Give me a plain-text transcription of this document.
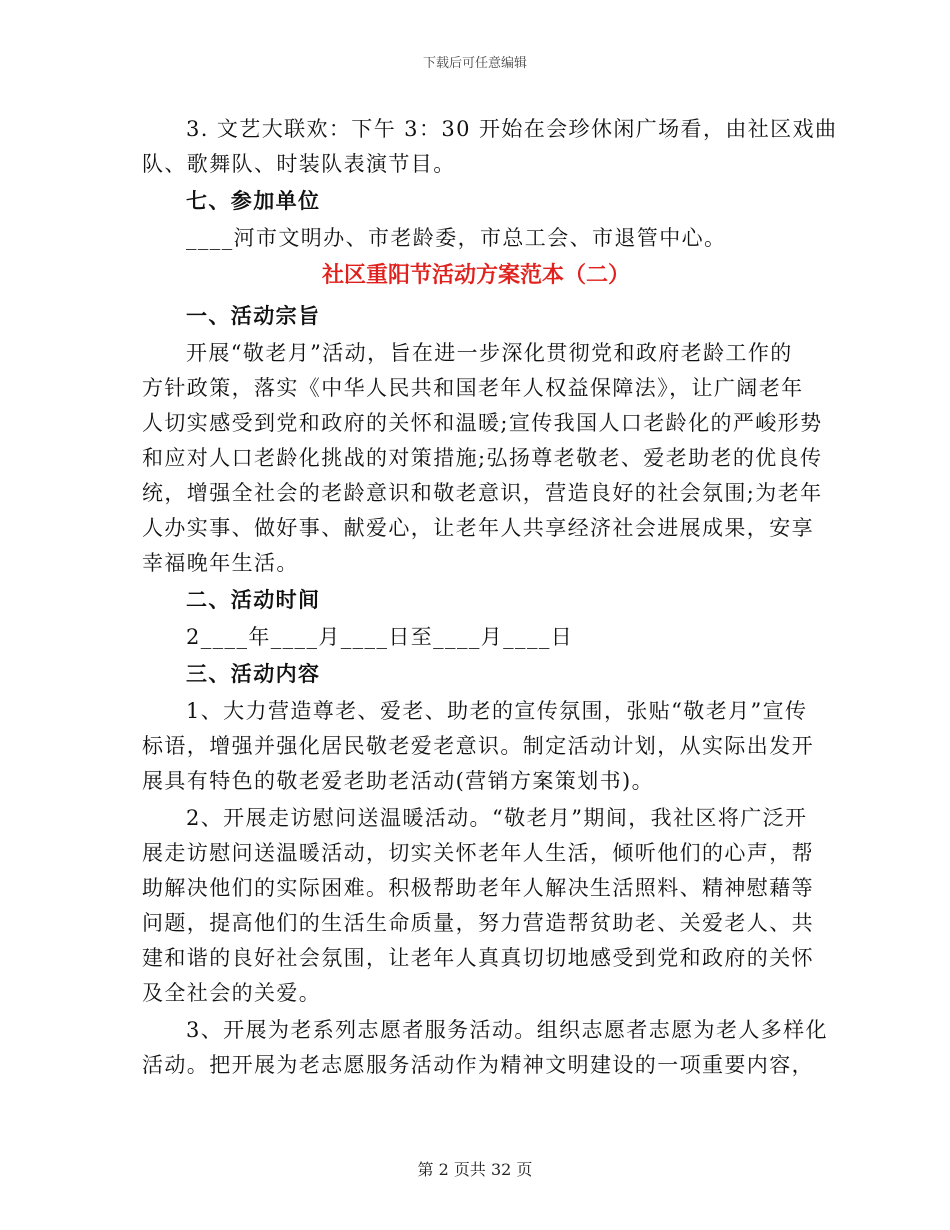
下载后可任意编辑
3. 文艺大联欢：下午 3：30 开始在会珍休闲广场看，由社区戏曲
队、歌舞队、时装队表演节目。
七、参加单位
____河市文明办、市老龄委，市总工会、市退管中心。
社区重阳节活动方案范本（二）
一、活动宗旨
开展“敬老月”活动，旨在进一步深化贯彻党和政府老龄工作的
方针政策，落实《中华人民共和国老年人权益保障法》，让广阔老年
人切实感受到党和政府的关怀和温暖;宣传我国人口老龄化的严峻形势
和应对人口老龄化挑战的对策措施;弘扬尊老敬老、爱老助老的优良传
统，增强全社会的老龄意识和敬老意识，营造良好的社会氛围;为老年
人办实事、做好事、献爱心，让老年人共享经济社会进展成果，安享
幸福晚年生活。
二、活动时间
2____年____月____日至____月____日
三、活动内容
1、大力营造尊老、爱老、助老的宣传氛围，张贴“敬老月”宣传
标语，增强并强化居民敬老爱老意识。制定活动计划，从实际出发开
展具有特色的敬老爱老助老活动(营销方案策划书)。
2、开展走访慰问送温暖活动。“敬老月”期间，我社区将广泛开
展走访慰问送温暖活动，切实关怀老年人生活，倾听他们的心声，帮
助解决他们的实际困难。积极帮助老年人解决生活照料、精神慰藉等
问题，提高他们的生活生命质量，努力营造帮贫助老、关爱老人、共
建和谐的良好社会氛围，让老年人真真切切地感受到党和政府的关怀
及全社会的关爱。
3、开展为老系列志愿者服务活动。组织志愿者志愿为老人多样化
活动。把开展为老志愿服务活动作为精神文明建设的一项重要内容，
第 2 页共 32 页
